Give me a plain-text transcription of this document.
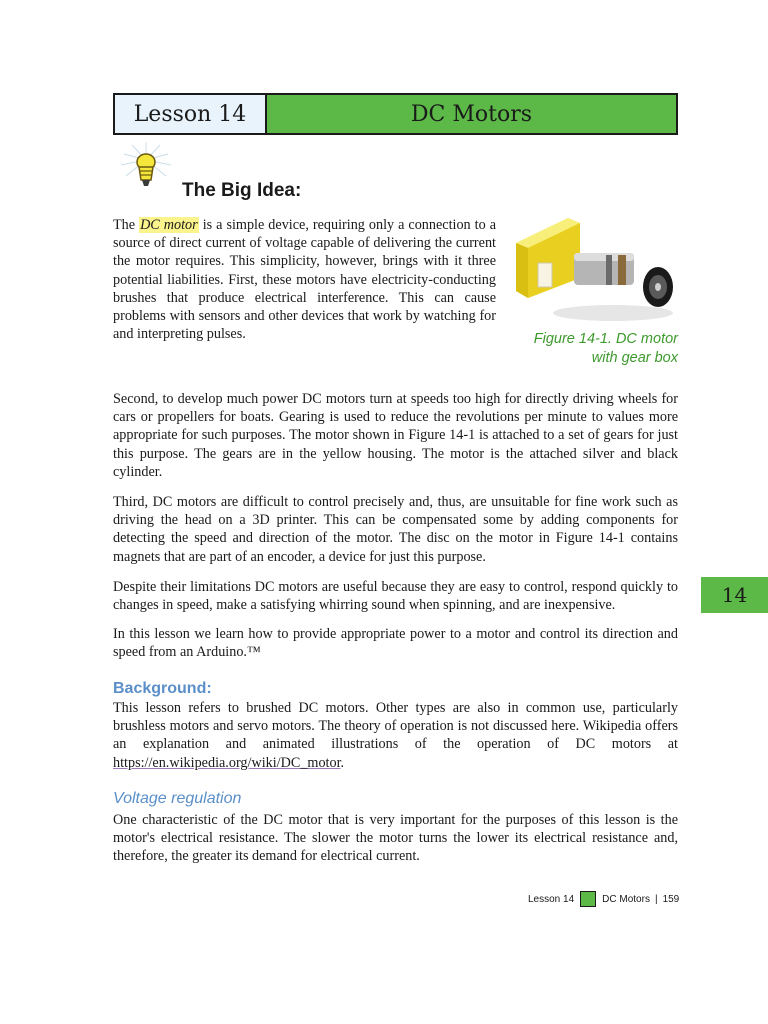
Lesson 14	DC Motors
The Big Idea:
The DC motor is a simple device, requiring only a connection to a source of direct current of voltage capable of delivering the current the motor requires. This simplicity, however, brings with it three potential liabilities. First, these motors have electricity-conducting brushes that produce electrical interference. This can cause problems with sensors and other devices that work by watching for and interpreting pulses.	Figure 14-1. DC motor
with gear box
Second, to develop much power DC motors turn at speeds too high for directly driving wheels for cars or propellers for boats. Gearing is used to reduce the revolutions per minute to values more appropriate for such purposes. The motor shown in Figure 14-1 is attached to a set of gears for just this purpose. The gears are in the yellow housing. The motor is the attached silver and black cylinder.
Third, DC motors are difficult to control precisely and, thus, are unsuitable for fine work such as driving the head on a 3D printer. This can be compensated some by adding components for detecting the speed and direction of the motor. The disc on the motor in Figure 14-1 contains magnets that are part of an encoder, a device for just this purpose.
Despite their limitations DC motors are useful because they are easy to control, respond quickly to changes in speed, make a satisfying whirring sound when spinning, and are inexpensive.
In this lesson we learn how to provide appropriate power to a motor and control its direction and speed from an Arduino.™
14
Background:
This lesson refers to brushed DC motors. Other types are also in common use, particularly brushless motors and servo motors. The theory of operation is not discussed here. Wikipedia offers an explanation and animated illustrations of the operation of DC motors at https://en.wikipedia.org/wiki/DC_motor.
Voltage regulation
One characteristic of the DC motor that is very important for the purposes of this lesson is the motor's electrical resistance. The slower the motor turns the lower its electrical resistance and, therefore, the greater its demand for electrical current.
Lesson 14	DC Motors | 159
